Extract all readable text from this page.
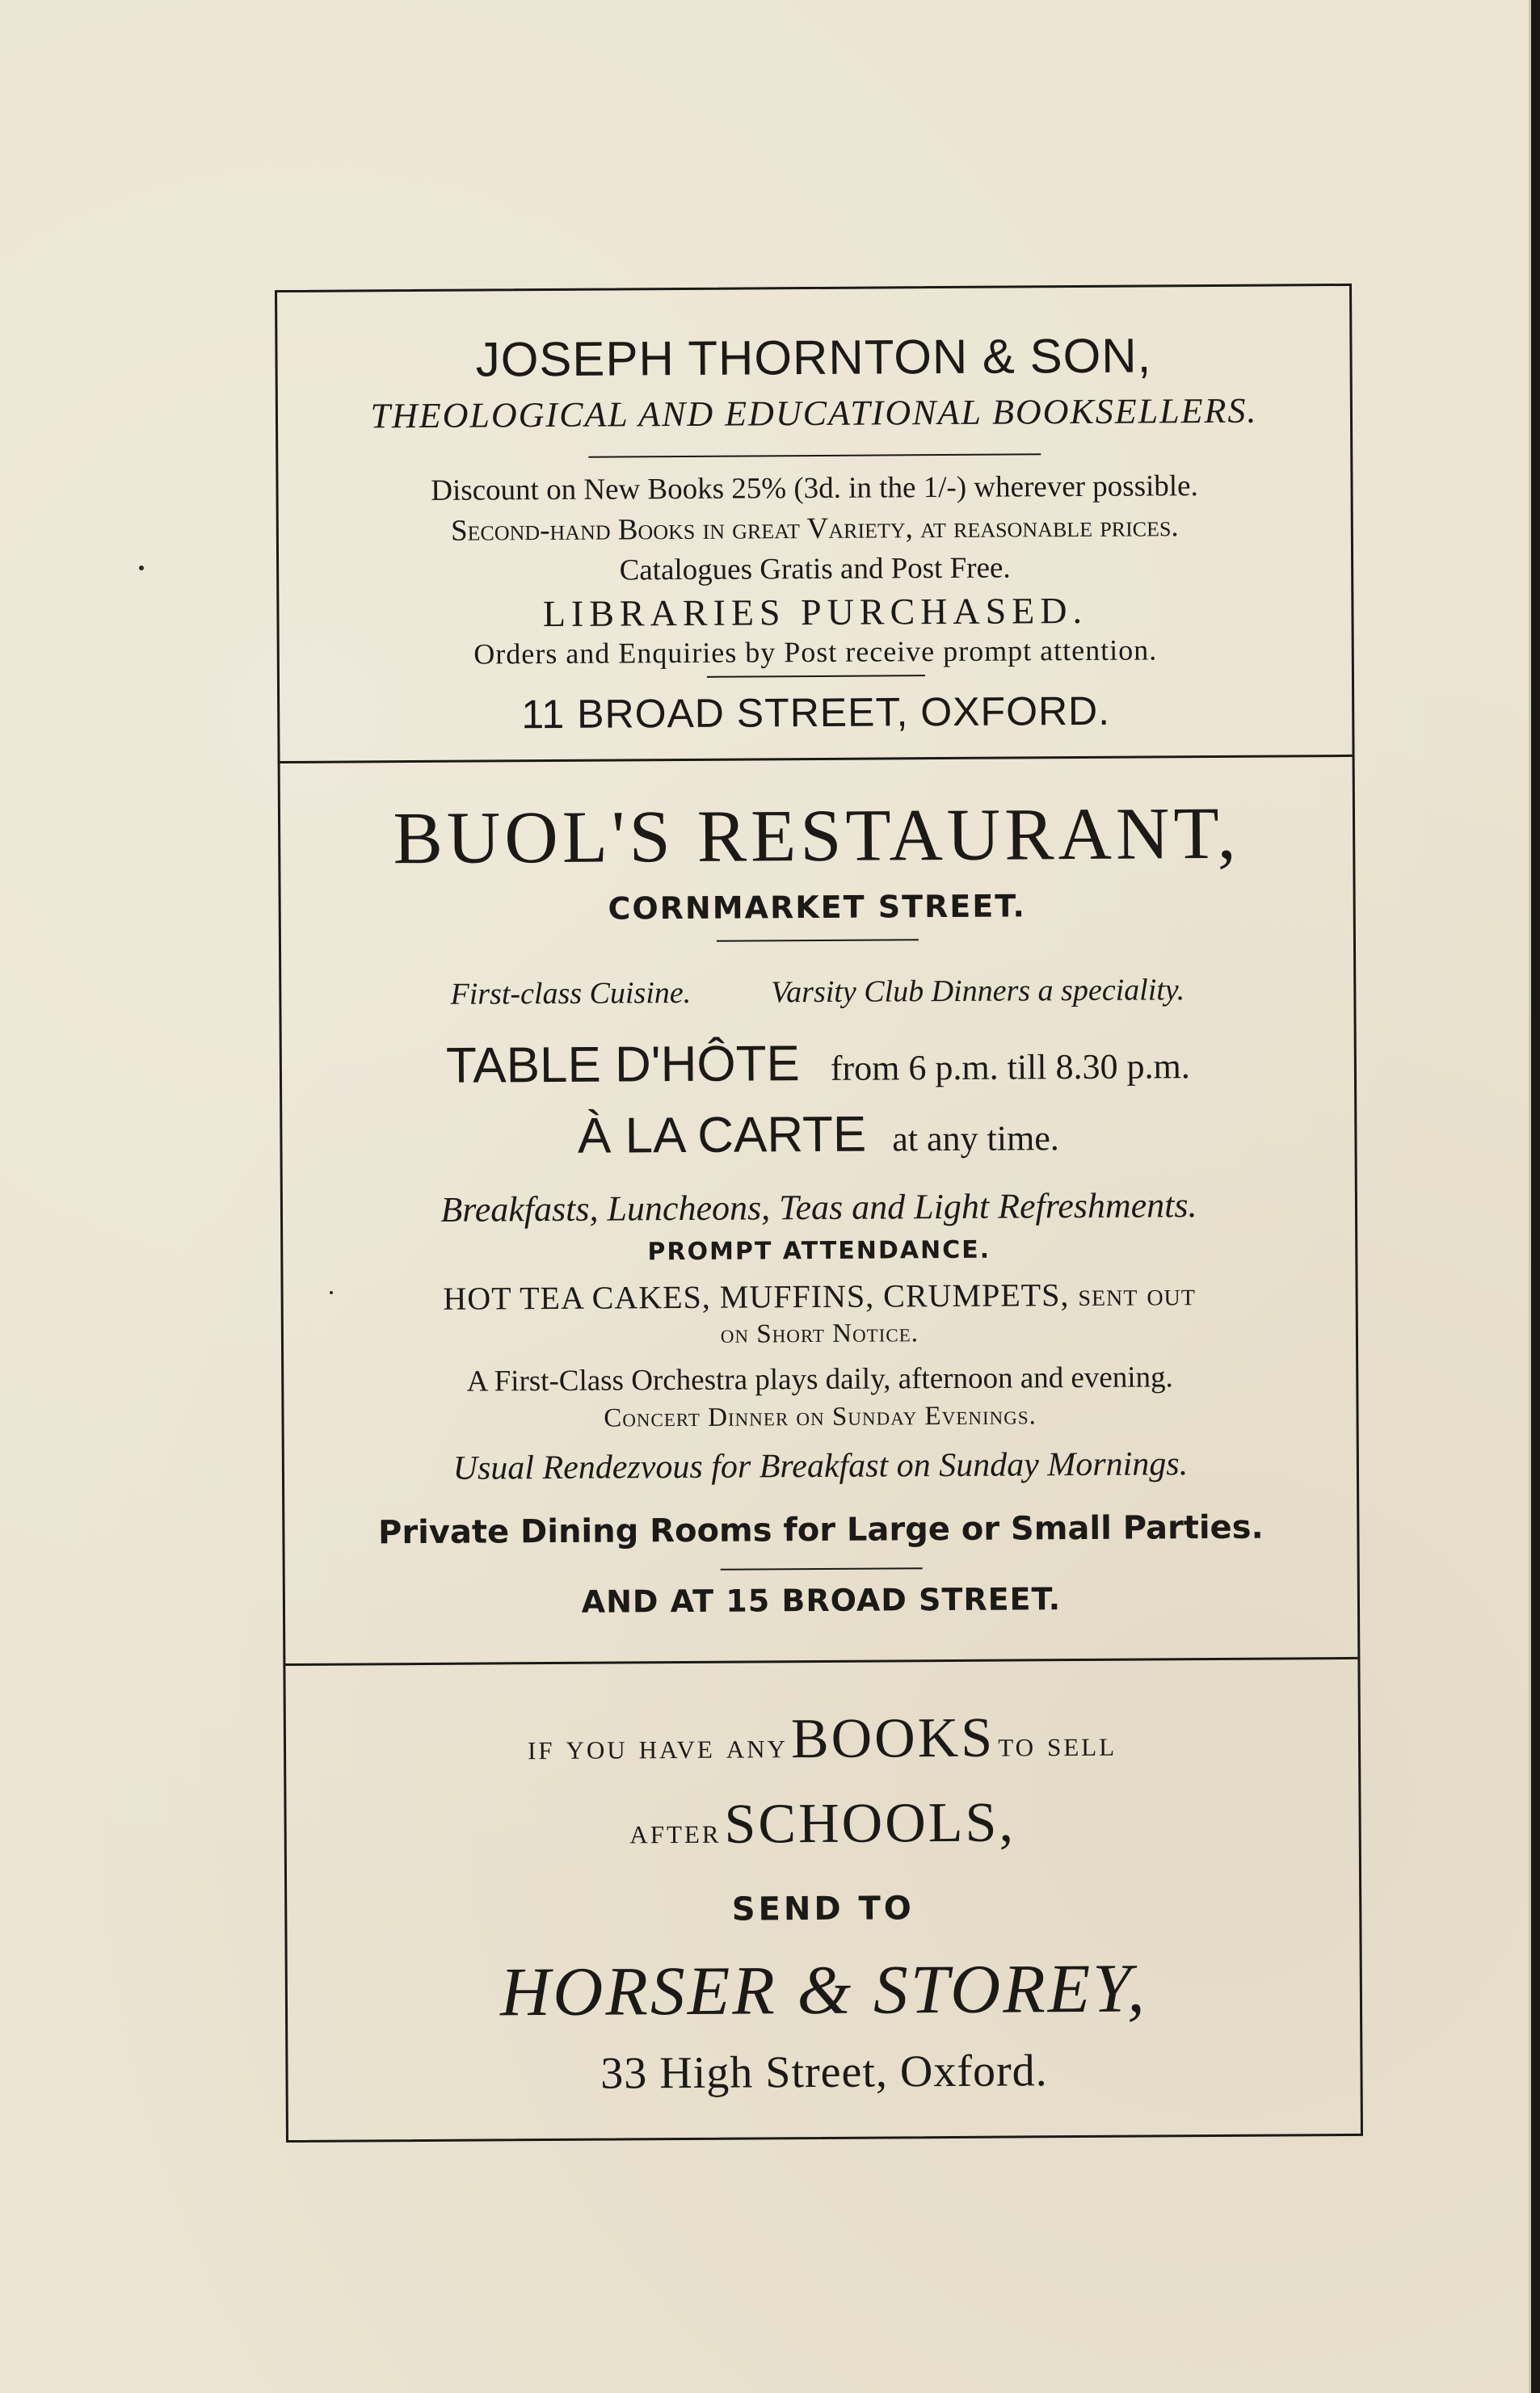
JOSEPH THORNTON & SON,
THEOLOGICAL AND EDUCATIONAL BOOKSELLERS.
Discount on New Books 25% (3d. in the 1/-) wherever possible.
Second-hand Books in great Variety, at reasonable prices.
Catalogues Gratis and Post Free.
LIBRARIES PURCHASED.
Orders and Enquiries by Post receive prompt attention.
11 BROAD STREET, OXFORD.
BUOL'S RESTAURANT,
CORNMARKET STREET.
First-class Cuisine.	Varsity Club Dinners a speciality.
TABLE D'HÔTE from 6 p.m. till 8.30 p.m.
À LA CARTE at any time.
Breakfasts, Luncheons, Teas and Light Refreshments.
PROMPT ATTENDANCE.
HOT TEA CAKES, MUFFINS, CRUMPETS, sent out
on Short Notice.
A First-Class Orchestra plays daily, afternoon and evening.
Concert Dinner on Sunday Evenings.
Usual Rendezvous for Breakfast on Sunday Mornings.
Private Dining Rooms for Large or Small Parties.
AND AT 15 BROAD STREET.
if you have any BOOKS to sell
after SCHOOLS,
SEND TO
HORSER & STOREY,
33 High Street, Oxford.
